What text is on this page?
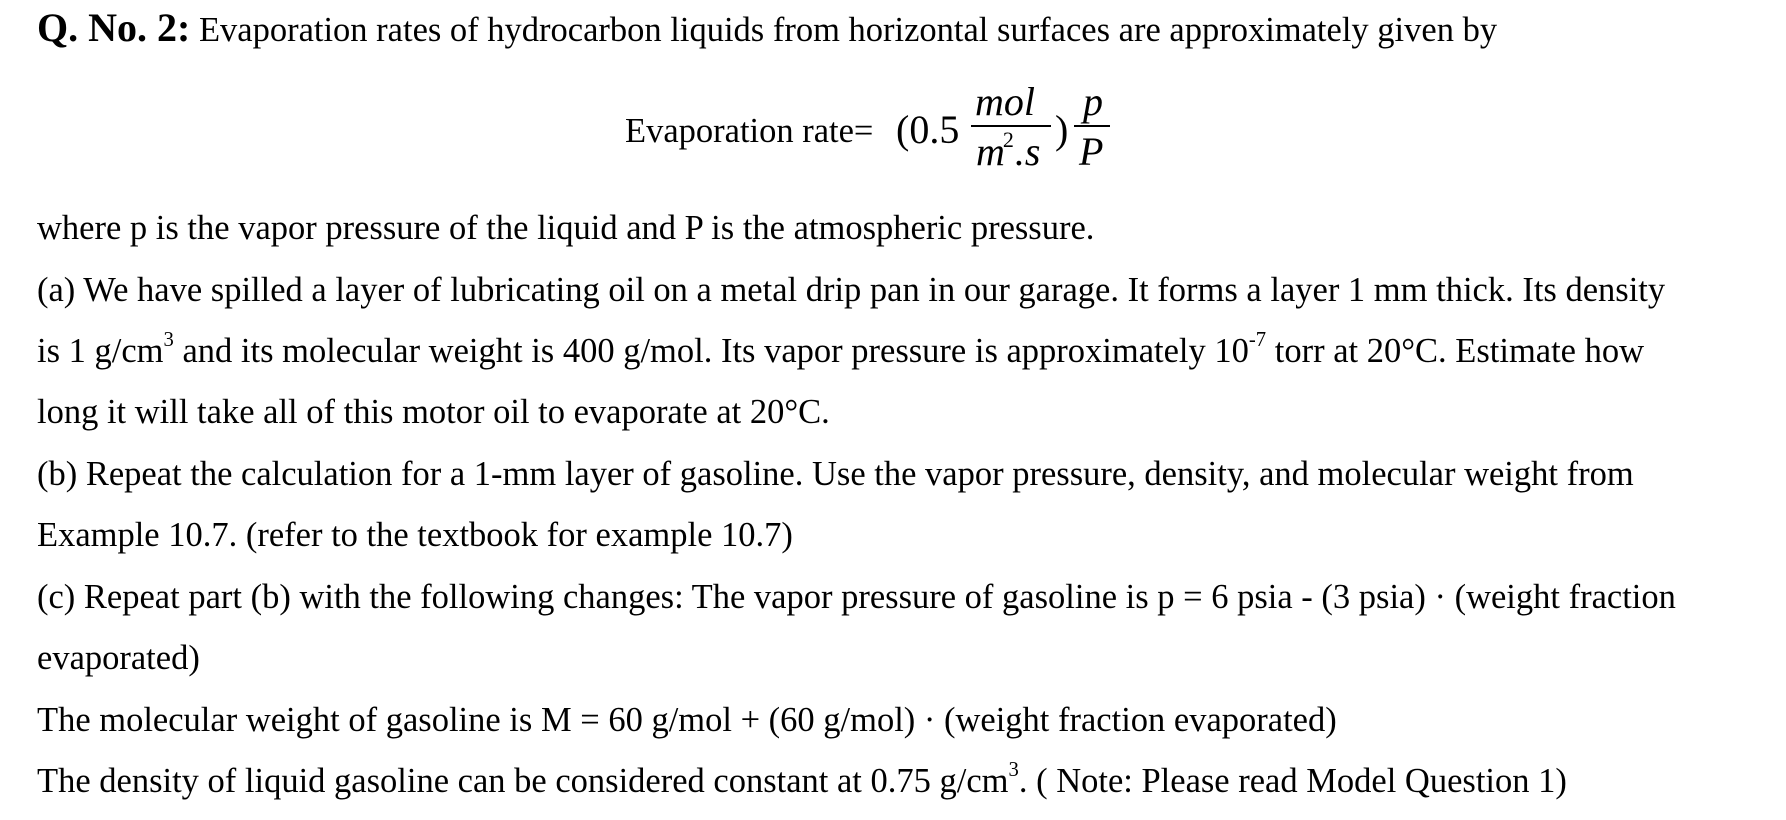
Q. No. 2: Evaporation rates of hydrocarbon liquids from horizontal surfaces are approximately given by
Evaporation rate= (0.5
mol
$m^2.s$ )
p
P
where p is the vapor pressure of the liquid and P is the atmospheric pressure.
(a) We have spilled a layer of lubricating oil on a metal drip pan in our garage. It forms a layer 1 mm thick. Its density
is 1 $g/cm^3$ and its molecular weight is 400 g/mol. Its vapor pressure is approximately $10^{-7}$ torr at 20°C. Estimate how
long it will take all of this motor oil to evaporate at 20°C.
(b) Repeat the calculation for a 1-mm layer of gasoline. Use the vapor pressure, density, and molecular weight from
Example 10.7. (refer to the textbook for example 10.7)
(c) Repeat part (b) with the following changes: The vapor pressure of gasoline is p = 6 psia - (3 psia) · (weight fraction
evaporated)
The molecular weight of gasoline is M = 60 g/mol + (60 g/mol) · (weight fraction evaporated)
The density of liquid gasoline can be considered constant at 0.75 $g/cm^3$. ( Note: Please read Model Question 1)
